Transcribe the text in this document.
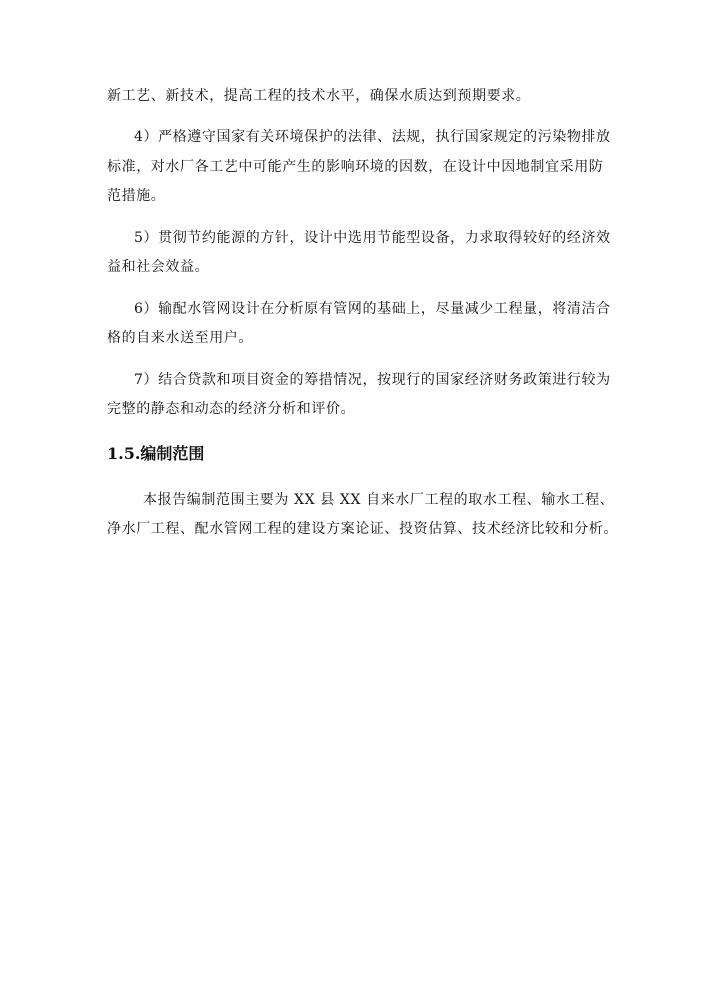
新工艺、新技术，提高工程的技术水平，确保水质达到预期要求。
4）严格遵守国家有关环境保护的法律、法规，执行国家规定的污染物排放
标准，对水厂各工艺中可能产生的影响环境的因数，在设计中因地制宜采用防
范措施。
5）贯彻节约能源的方针，设计中选用节能型设备，力求取得较好的经济效
益和社会效益。
6）输配水管网设计在分析原有管网的基础上，尽量减少工程量，将清洁合
格的自来水送至用户。
7）结合贷款和项目资金的筹措情况，按现行的国家经济财务政策进行较为
完整的静态和动态的经济分析和评价。
1.5.编制范围
本报告编制范围主要为 XX 县 XX 自来水厂工程的取水工程、输水工程、
净水厂工程、配水管网工程的建设方案论证、投资估算、技术经济比较和分析。
